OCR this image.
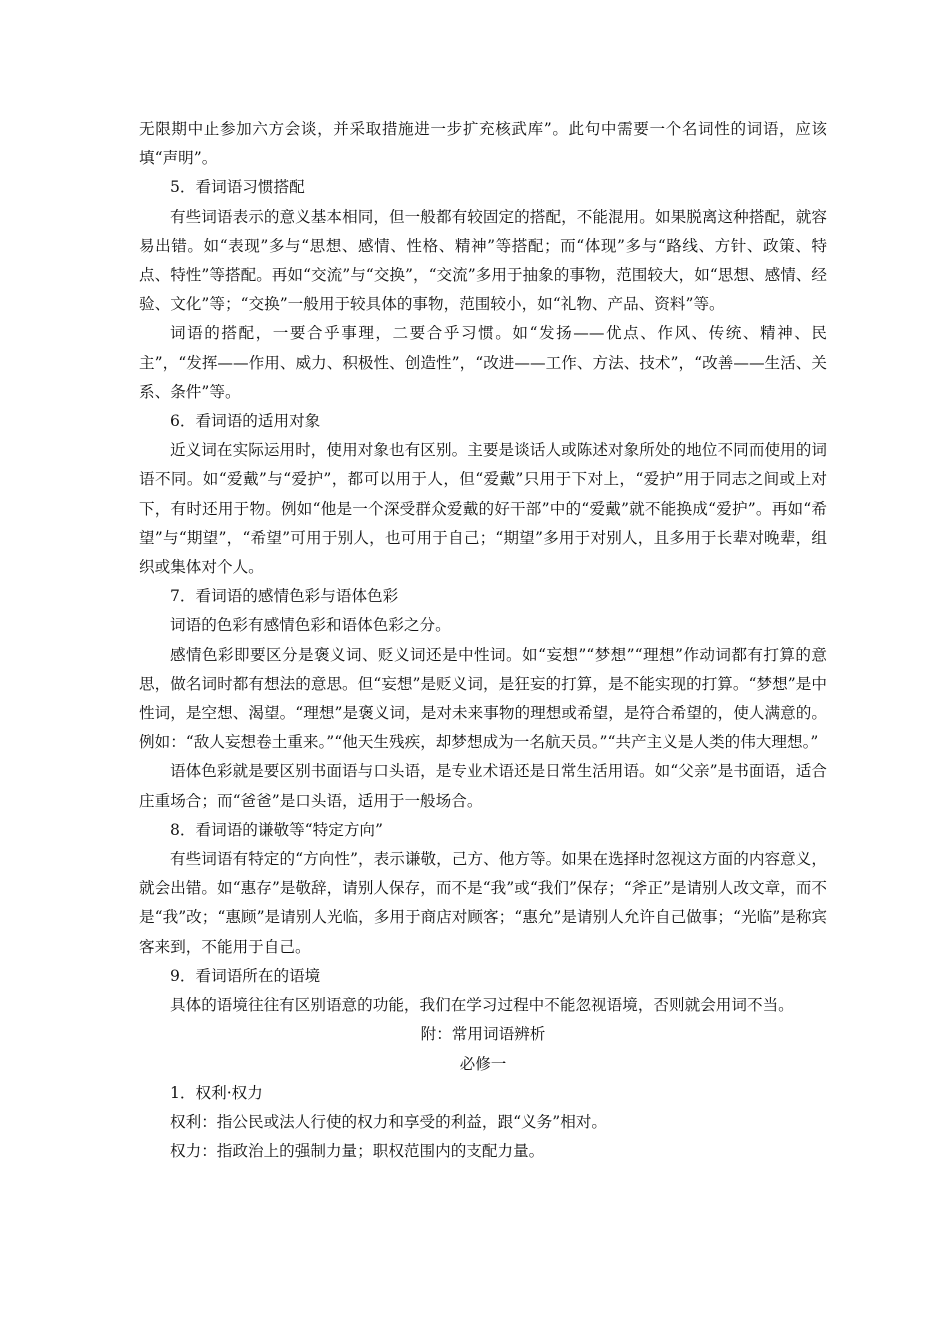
无限期中止参加六方会谈，并采取措施进一步扩充核武库”。此句中需要一个名词性的词语，应该填“声明”。

5．看词语习惯搭配

有些词语表示的意义基本相同，但一般都有较固定的搭配，不能混用。如果脱离这种搭配，就容易出错。如“表现”多与“思想、感情、性格、精神”等搭配；而“体现”多与“路线、方针、政策、特点、特性”等搭配。再如“交流”与“交换”，“交流”多用于抽象的事物，范围较大，如“思想、感情、经验、文化”等；“交换”一般用于较具体的事物，范围较小，如“礼物、产品、资料”等。

词语的搭配，一要合乎事理，二要合乎习惯。如“发扬——优点、作风、传统、精神、民主”，“发挥——作用、威力、积极性、创造性”，“改进——工作、方法、技术”，“改善——生活、关系、条件”等。

6．看词语的适用对象

近义词在实际运用时，使用对象也有区别。主要是谈话人或陈述对象所处的地位不同而使用的词语不同。如“爱戴”与“爱护”，都可以用于人，但“爱戴”只用于下对上，“爱护”用于同志之间或上对下，有时还用于物。例如“他是一个深受群众爱戴的好干部”中的“爱戴”就不能换成“爱护”。再如“希望”与“期望”，“希望”可用于别人，也可用于自己；“期望”多用于对别人，且多用于长辈对晚辈，组织或集体对个人。

7．看词语的感情色彩与语体色彩

词语的色彩有感情色彩和语体色彩之分。

感情色彩即要区分是褒义词、贬义词还是中性词。如“妄想”“梦想”“理想”作动词都有打算的意思，做名词时都有想法的意思。但“妄想”是贬义词，是狂妄的打算，是不能实现的打算。“梦想”是中性词，是空想、渴望。“理想”是褒义词，是对未来事物的理想或希望，是符合希望的，使人满意的。例如：“敌人妄想卷土重来。”“他天生残疾，却梦想成为一名航天员。”“共产主义是人类的伟大理想。”

语体色彩就是要区别书面语与口头语，是专业术语还是日常生活用语。如“父亲”是书面语，适合庄重场合；而“爸爸”是口头语，适用于一般场合。

8．看词语的谦敬等“特定方向”

有些词语有特定的“方向性”，表示谦敬，己方、他方等。如果在选择时忽视这方面的内容意义，就会出错。如“惠存”是敬辞，请别人保存，而不是“我”或“我们”保存；“斧正”是请别人改文章，而不是“我”改；“惠顾”是请别人光临，多用于商店对顾客；“惠允”是请别人允许自己做事；“光临”是称宾客来到，不能用于自己。

9．看词语所在的语境

具体的语境往往有区别语意的功能，我们在学习过程中不能忽视语境，否则就会用词不当。

附：常用词语辨析

必修一

1．权利·权力

权利：指公民或法人行使的权力和享受的利益，跟“义务”相对。

权力：指政治上的强制力量；职权范围内的支配力量。
